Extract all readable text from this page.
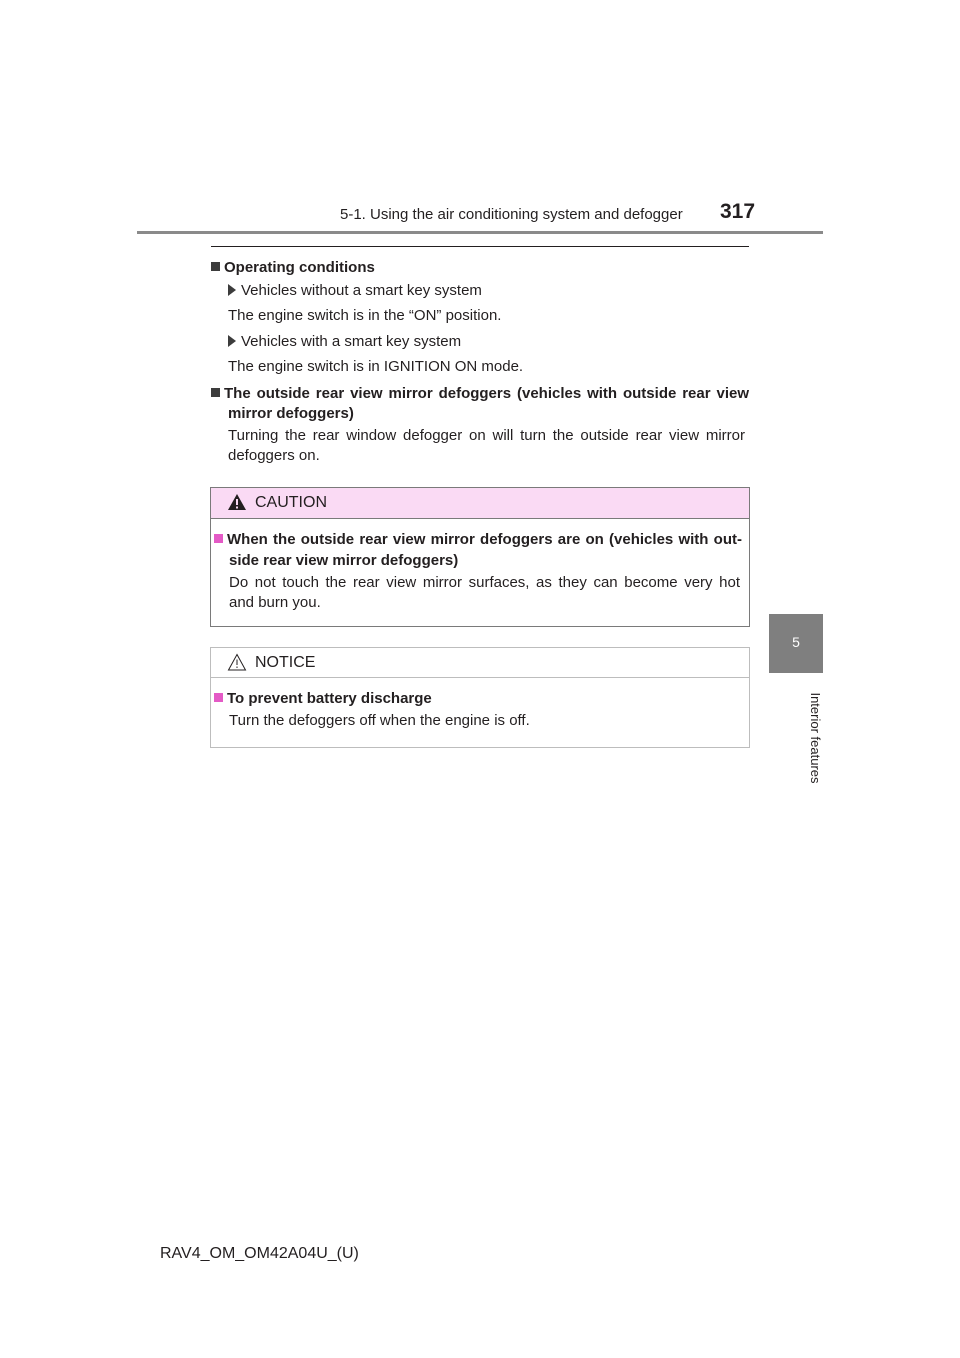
5-1. Using the air conditioning system and defogger 317
5
Interior features
Operating conditions
Vehicles without a smart key system
The engine switch is in the “ON” position.
Vehicles with a smart key system
The engine switch is in IGNITION ON mode.
The outside rear view mirror defoggers (vehicles with outside rear view
mirror defoggers)
Turning the rear window defogger on will turn the outside rear view mirror
defoggers on.
CAUTION
When the outside rear view mirror defoggers are on (vehicles with out-
side rear view mirror defoggers)
Do not touch the rear view mirror surfaces, as they can become very hot
and burn you.
NOTICE
To prevent battery discharge
Turn the defoggers off when the engine is off.
RAV4_OM_OM42A04U_(U)
